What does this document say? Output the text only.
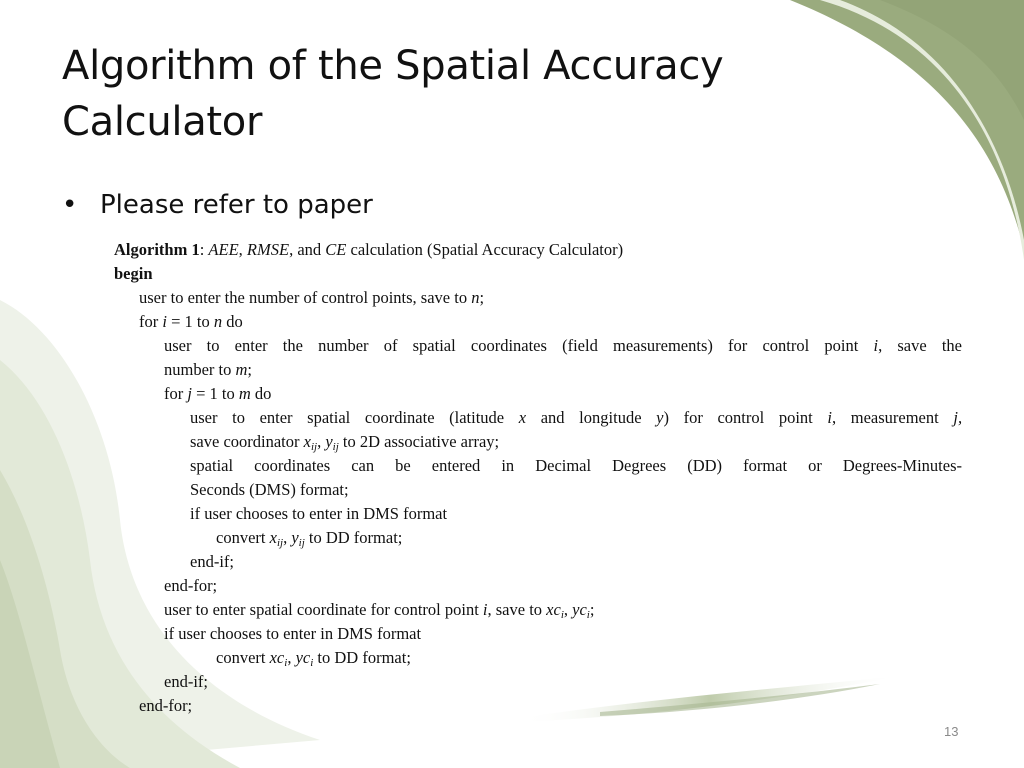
Algorithm of the Spatial Accuracy Calculator
• Please refer to paper
Algorithm 1: AEE, RMSE, and CE calculation (Spatial Accuracy Calculator)
begin
user to enter the number of control points, save to n;
for i = 1 to n do
user to enter the number of spatial coordinates (field measurements) for control point i, save the
number to m;
for j = 1 to m do
user to enter spatial coordinate (latitude x and longitude y) for control point i, measurement j,
save coordinator $x_{ij}$, $y_{ij}$ to 2D associative array;
spatial coordinates can be entered in Decimal Degrees (DD) format or Degrees-Minutes-
Seconds (DMS) format;
if user chooses to enter in DMS format
convert $x_{ij}$, $y_{ij}$ to DD format;
end-if;
end-for;
user to enter spatial coordinate for control point i, save to $xc_i$, $yc_i$;
if user chooses to enter in DMS format
convert $xc_i$, $yc_i$ to DD format;
end-if;
end-for;
13
